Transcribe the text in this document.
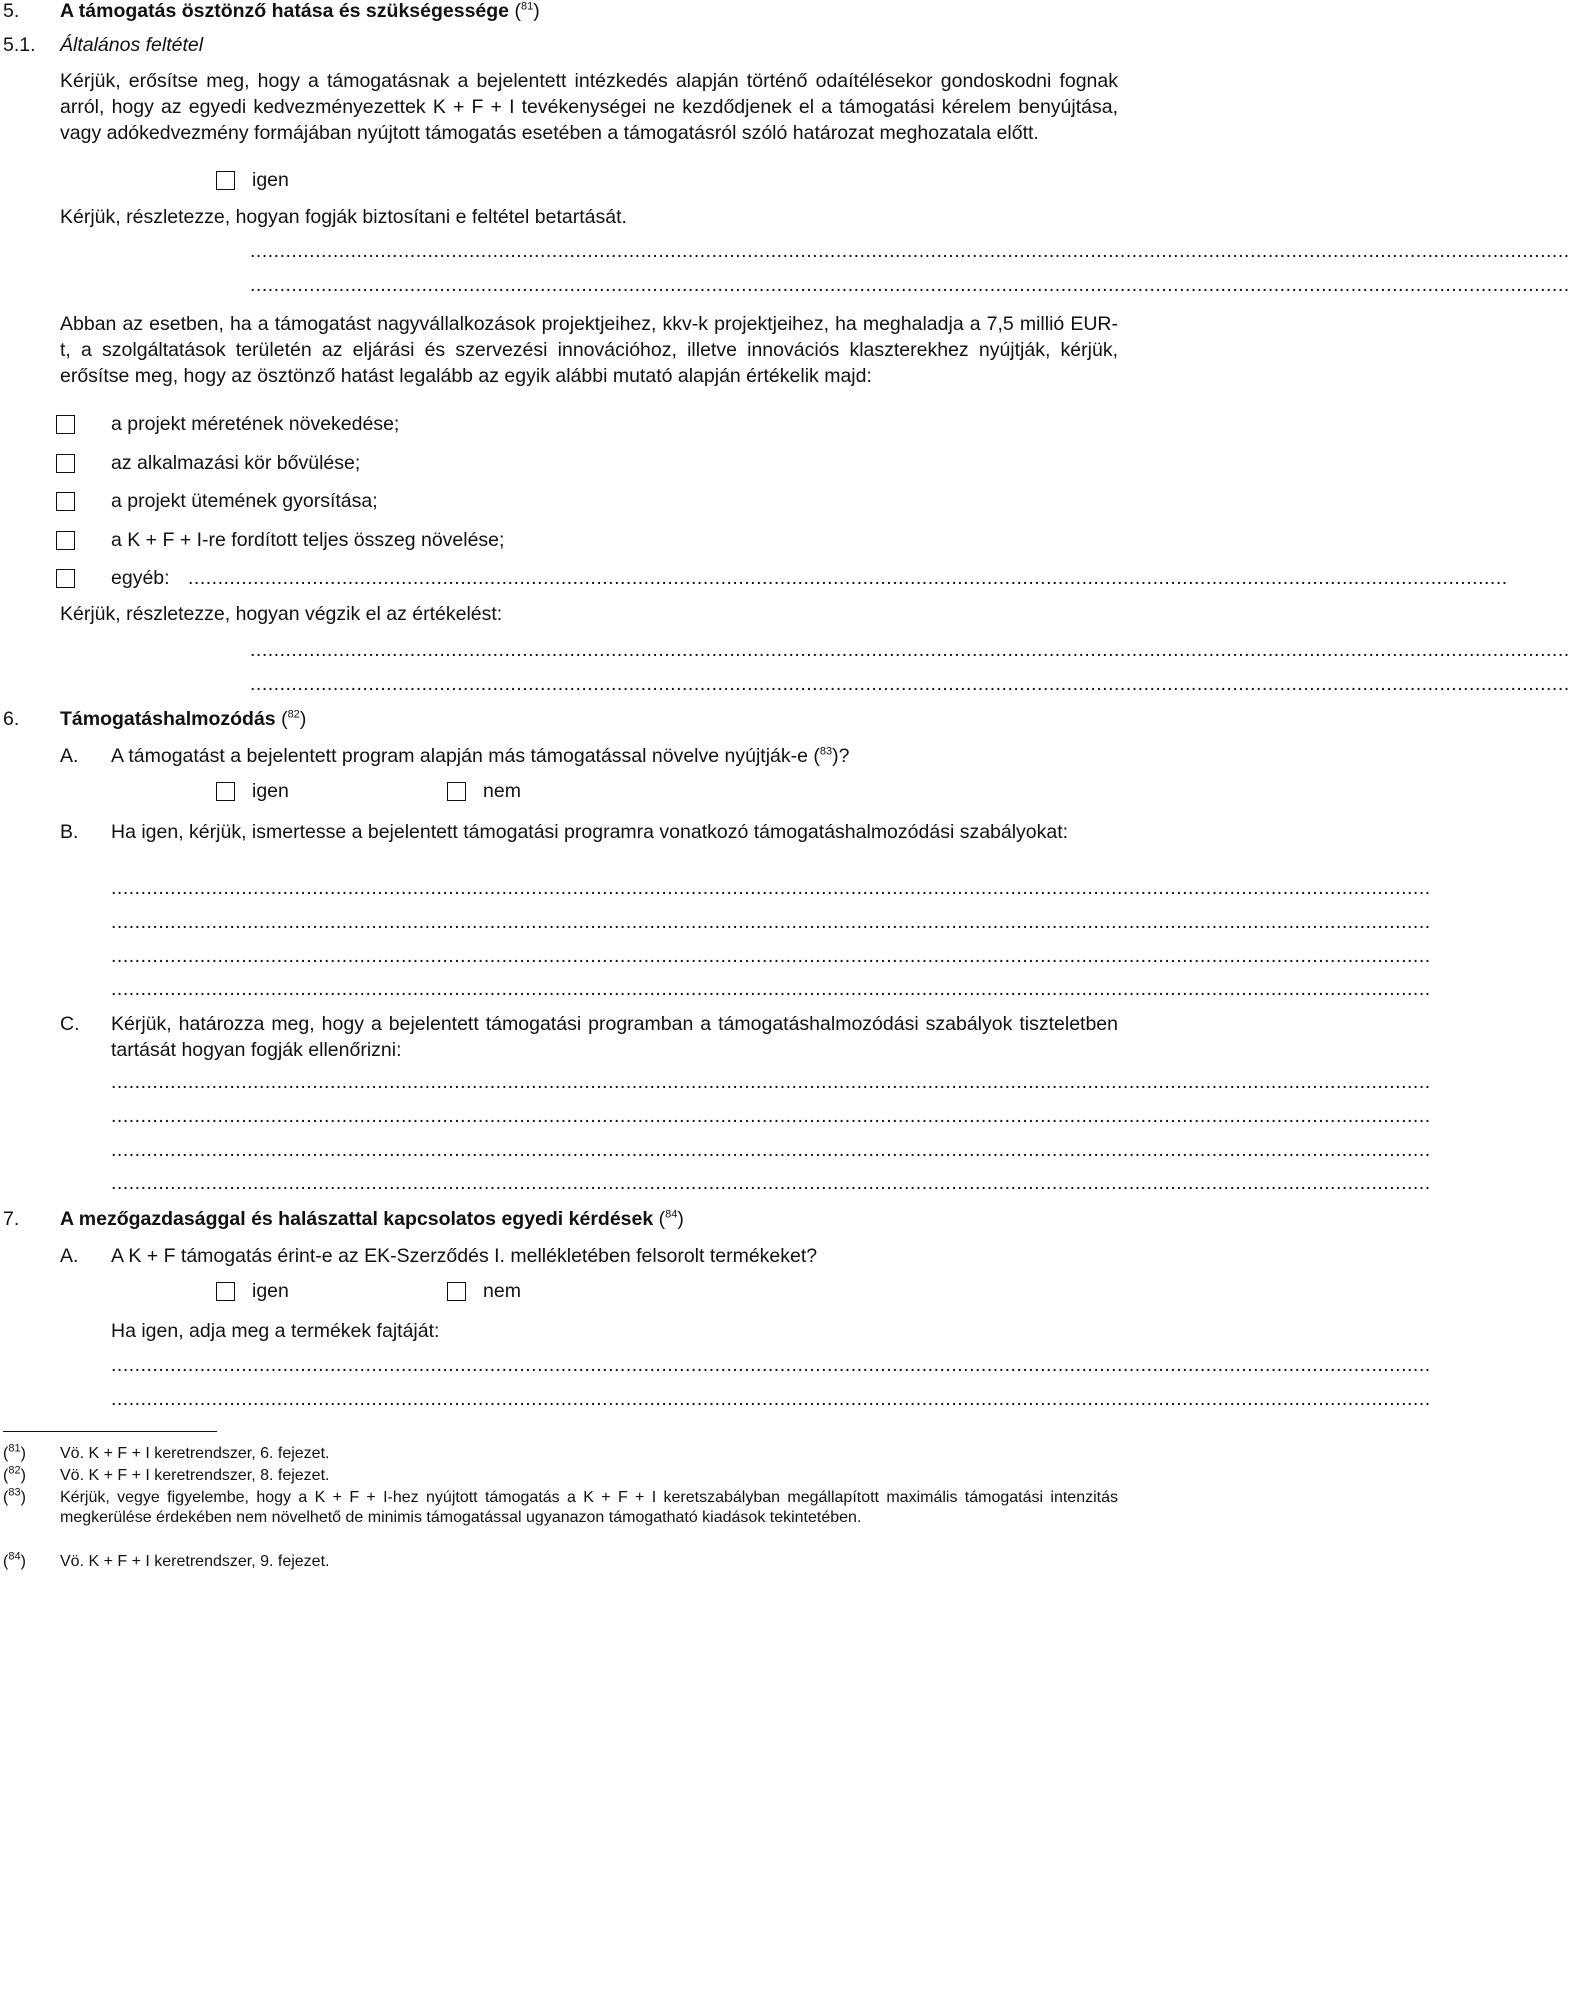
5. A támogatás ösztönző hatása és szükségessége ($^{81}$)
5.1. Általános feltétel
Kérjük, erősítse meg, hogy a támogatásnak a bejelentett intézkedés alapján történő odaítélésekor gondoskodni fognak arról, hogy az egyedi kedvezményezettek K + F + I tevékenységei ne kezdődjenek el a támogatási kérelem benyújtása, vagy adókedvezmény formájában nyújtott támogatás esetében a támogatásról szóló határozat meghozatala előtt.
igen
Kérjük, részletezze, hogyan fogják biztosítani e feltétel betartását.
...............................................................................................................................................................................................................................
...............................................................................................................................................................................................................................
Abban az esetben, ha a támogatást nagyvállalkozások projektjeihez, kkv-k projektjeihez, ha meghaladja a 7,5 millió EUR-t, a szolgáltatások területén az eljárási és szervezési innovációhoz, illetve innovációs klaszterekhez nyújtják, kérjük, erősítse meg, hogy az ösztönző hatást legalább az egyik alábbi mutató alapján értékelik majd:
a projekt méretének növekedése;
az alkalmazási kör bővülése;
a projekt ütemének gyorsítása;
a K + F + I-re fordított teljes összeg növelése;
egyéb: ...............................................................................................................................................................................................................................
Kérjük, részletezze, hogyan végzik el az értékelést:
...............................................................................................................................................................................................................................
...............................................................................................................................................................................................................................
6. Támogatáshalmozódás ($^{82}$)
A. A támogatást a bejelentett program alapján más támogatással növelve nyújtják-e ($^{83}$)?
igen	nem
B. Ha igen, kérjük, ismertesse a bejelentett támogatási programra vonatkozó támogatáshalmozódási szabályokat:
...............................................................................................................................................................................................................................
...............................................................................................................................................................................................................................
...............................................................................................................................................................................................................................
...............................................................................................................................................................................................................................
C. Kérjük, határozza meg, hogy a bejelentett támogatási programban a támogatáshalmozódási szabályok tiszteletben tartását hogyan fogják ellenőrizni:
...............................................................................................................................................................................................................................
...............................................................................................................................................................................................................................
...............................................................................................................................................................................................................................
...............................................................................................................................................................................................................................
7. A mezőgazdasággal és halászattal kapcsolatos egyedi kérdések ($^{84}$)
A. A K + F támogatás érint-e az EK-Szerződés I. mellékletében felsorolt termékeket?
igen	nem
Ha igen, adja meg a termékek fajtáját:
...............................................................................................................................................................................................................................
...............................................................................................................................................................................................................................
($^{81}$) Vö. K + F + I keretrendszer, 6. fejezet.
($^{82}$) Vö. K + F + I keretrendszer, 8. fejezet.
($^{83}$) Kérjük, vegye figyelembe, hogy a K + F + I-hez nyújtott támogatás a K + F + I keretszabályban megállapított maximális támogatási intenzitás megkerülése érdekében nem növelhető de minimis támogatással ugyanazon támogatható kiadások tekintetében.
($^{84}$) Vö. K + F + I keretrendszer, 9. fejezet.
